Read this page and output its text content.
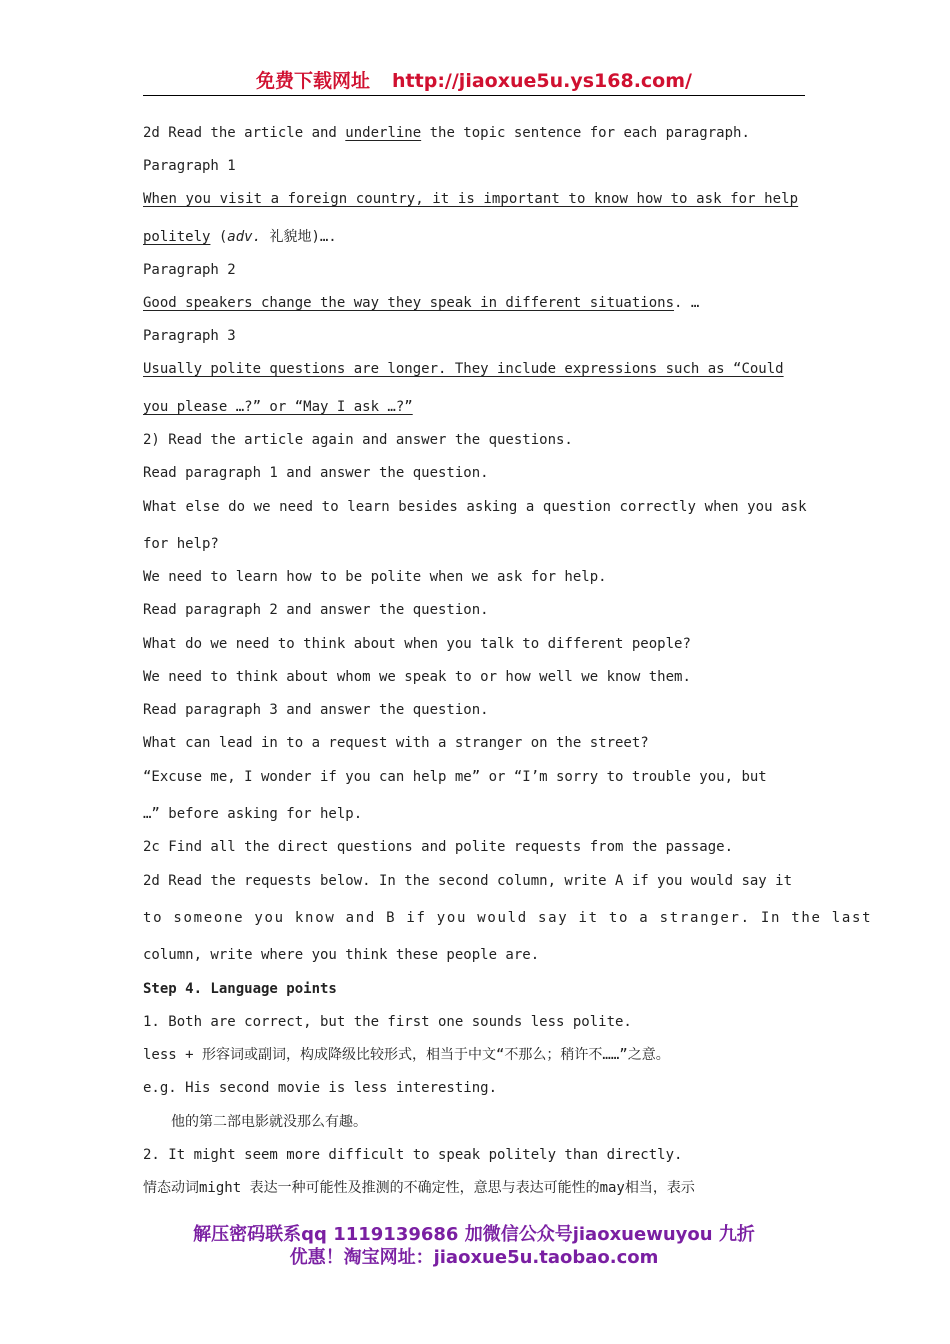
免费下载网址 http://jiaoxue5u.ys168.com/
2d Read the article and underline the topic sentence for each paragraph.
Paragraph 1
When you visit a foreign country, it is important to know how to ask for help
politely (adv. 礼貌地)….
Paragraph 2
Good speakers change the way they speak in different situations. …
Paragraph 3
Usually polite questions are longer. They include expressions such as “Could
you please …?” or “May I ask …?”
2) Read the article again and answer the questions.
Read paragraph 1 and answer the question.
What else do we need to learn besides asking a question correctly when you ask
for help?
We need to learn how to be polite when we ask for help.
Read paragraph 2 and answer the question.
What do we need to think about when you talk to different people?
We need to think about whom we speak to or how well we know them.
Read paragraph 3 and answer the question.
What can lead in to a request with a stranger on the street?
“Excuse me, I wonder if you can help me” or “I’m sorry to trouble you, but
…” before asking for help.
2c Find all the direct questions and polite requests from the passage.
2d Read the requests below. In the second column, write A if you would say it
to someone you know and B if you would say it to a stranger. In the last
column, write where you think these people are.
Step 4. Language points
1. Both are correct, but the first one sounds less polite.
less + 形容词或副词，构成降级比较形式，相当于中文“不那么；稍许不……”之意。
e.g. His second movie is less interesting.
他的第二部电影就没那么有趣。
2. It might seem more difficult to speak politely than directly.
情态动词might 表达一种可能性及推测的不确定性，意思与表达可能性的may相当，表示
解压密码联系qq 1119139686 加微信公众号jiaoxuewuyou 九折
优惠！淘宝网址：jiaoxue5u.taobao.com
